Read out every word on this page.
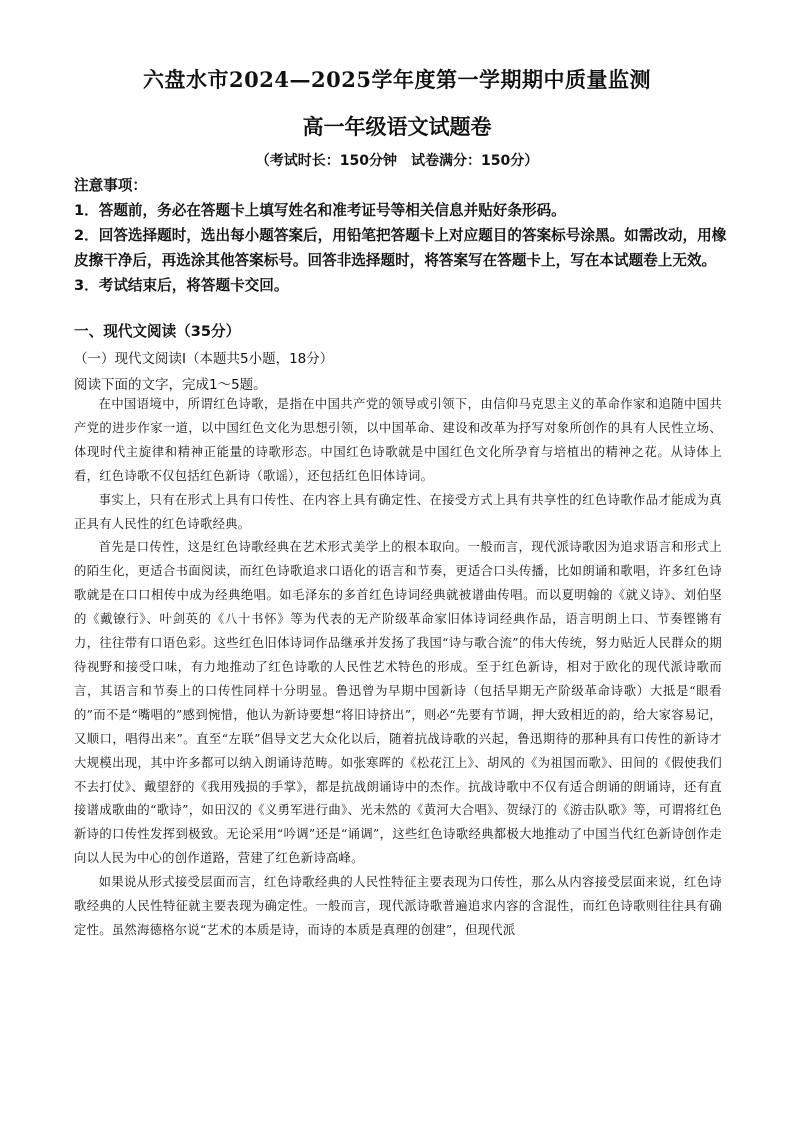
六盘水市2024—2025学年度第一学期期中质量监测
高一年级语文试题卷
（考试时长：150分钟　试卷满分：150分）

注意事项：

1．答题前，务必在答题卡上填写姓名和准考证号等相关信息并贴好条形码。

2．回答选择题时，选出每小题答案后，用铅笔把答题卡上对应题目的答案标号涂黑。如需改动，用橡皮擦干净后，再选涂其他答案标号。回答非选择题时，将答案写在答题卡上，写在本试题卷上无效。

3．考试结束后，将答题卡交回。

一、现代文阅读（35分）
（一）现代文阅读Ⅰ（本题共5小题，18分）
阅读下面的文字，完成1～5题。

在中国语境中，所谓红色诗歌，是指在中国共产党的领导或引领下，由信仰马克思主义的革命作家和追随中国共产党的进步作家一道，以中国红色文化为思想引领，以中国革命、建设和改革为抒写对象所创作的具有人民性立场、体现时代主旋律和精神正能量的诗歌形态。中国红色诗歌就是中国红色文化所孕育与培植出的精神之花。从诗体上看，红色诗歌不仅包括红色新诗（歌谣），还包括红色旧体诗词。

事实上，只有在形式上具有口传性、在内容上具有确定性、在接受方式上具有共享性的红色诗歌作品才能成为真正具有人民性的红色诗歌经典。

首先是口传性，这是红色诗歌经典在艺术形式美学上的根本取向。一般而言，现代派诗歌因为追求语言和形式上的陌生化，更适合书面阅读，而红色诗歌追求口语化的语言和节奏，更适合口头传播，比如朗诵和歌唱，许多红色诗歌就是在口口相传中成为经典绝唱。如毛泽东的多首红色诗词经典就被谱曲传唱。而以夏明翰的《就义诗》、刘伯坚的《戴镣行》、叶剑英的《八十书怀》等为代表的无产阶级革命家旧体诗词经典作品，语言明朗上口、节奏铿锵有力，往往带有口语色彩。这些红色旧体诗词作品继承并发扬了我国“诗与歌合流”的伟大传统，努力贴近人民群众的期待视野和接受口味，有力地推动了红色诗歌的人民性艺术特色的形成。至于红色新诗，相对于欧化的现代派诗歌而言，其语言和节奏上的口传性同样十分明显。鲁迅曾为早期中国新诗（包括早期无产阶级革命诗歌）大抵是“眼看的”而不是“嘴唱的”感到惋惜，他认为新诗要想“将旧诗挤出”，则必“先要有节调，押大致相近的韵，给大家容易记，又顺口，唱得出来”。直至“左联”倡导文艺大众化以后，随着抗战诗歌的兴起，鲁迅期待的那种具有口传性的新诗才大规模出现，其中许多都可以纳入朗诵诗范畴。如张寒晖的《松花江上》、胡风的《为祖国而歌》、田间的《假使我们不去打仗》、戴望舒的《我用残损的手掌》，都是抗战朗诵诗中的杰作。抗战诗歌中不仅有适合朗诵的朗诵诗，还有直接谱成歌曲的“歌诗”，如田汉的《义勇军进行曲》、光未然的《黄河大合唱》、贺绿汀的《游击队歌》等，可谓将红色新诗的口传性发挥到极致。无论采用“吟调”还是“诵调”，这些红色诗歌经典都极大地推动了中国当代红色新诗创作走向以人民为中心的创作道路，营建了红色新诗高峰。

如果说从形式接受层面而言，红色诗歌经典的人民性特征主要表现为口传性，那么从内容接受层面来说，红色诗歌经典的人民性特征就主要表现为确定性。一般而言，现代派诗歌普遍追求内容的含混性，而红色诗歌则往往具有确定性。虽然海德格尔说“艺术的本质是诗，而诗的本质是真理的创建”，但现代派
